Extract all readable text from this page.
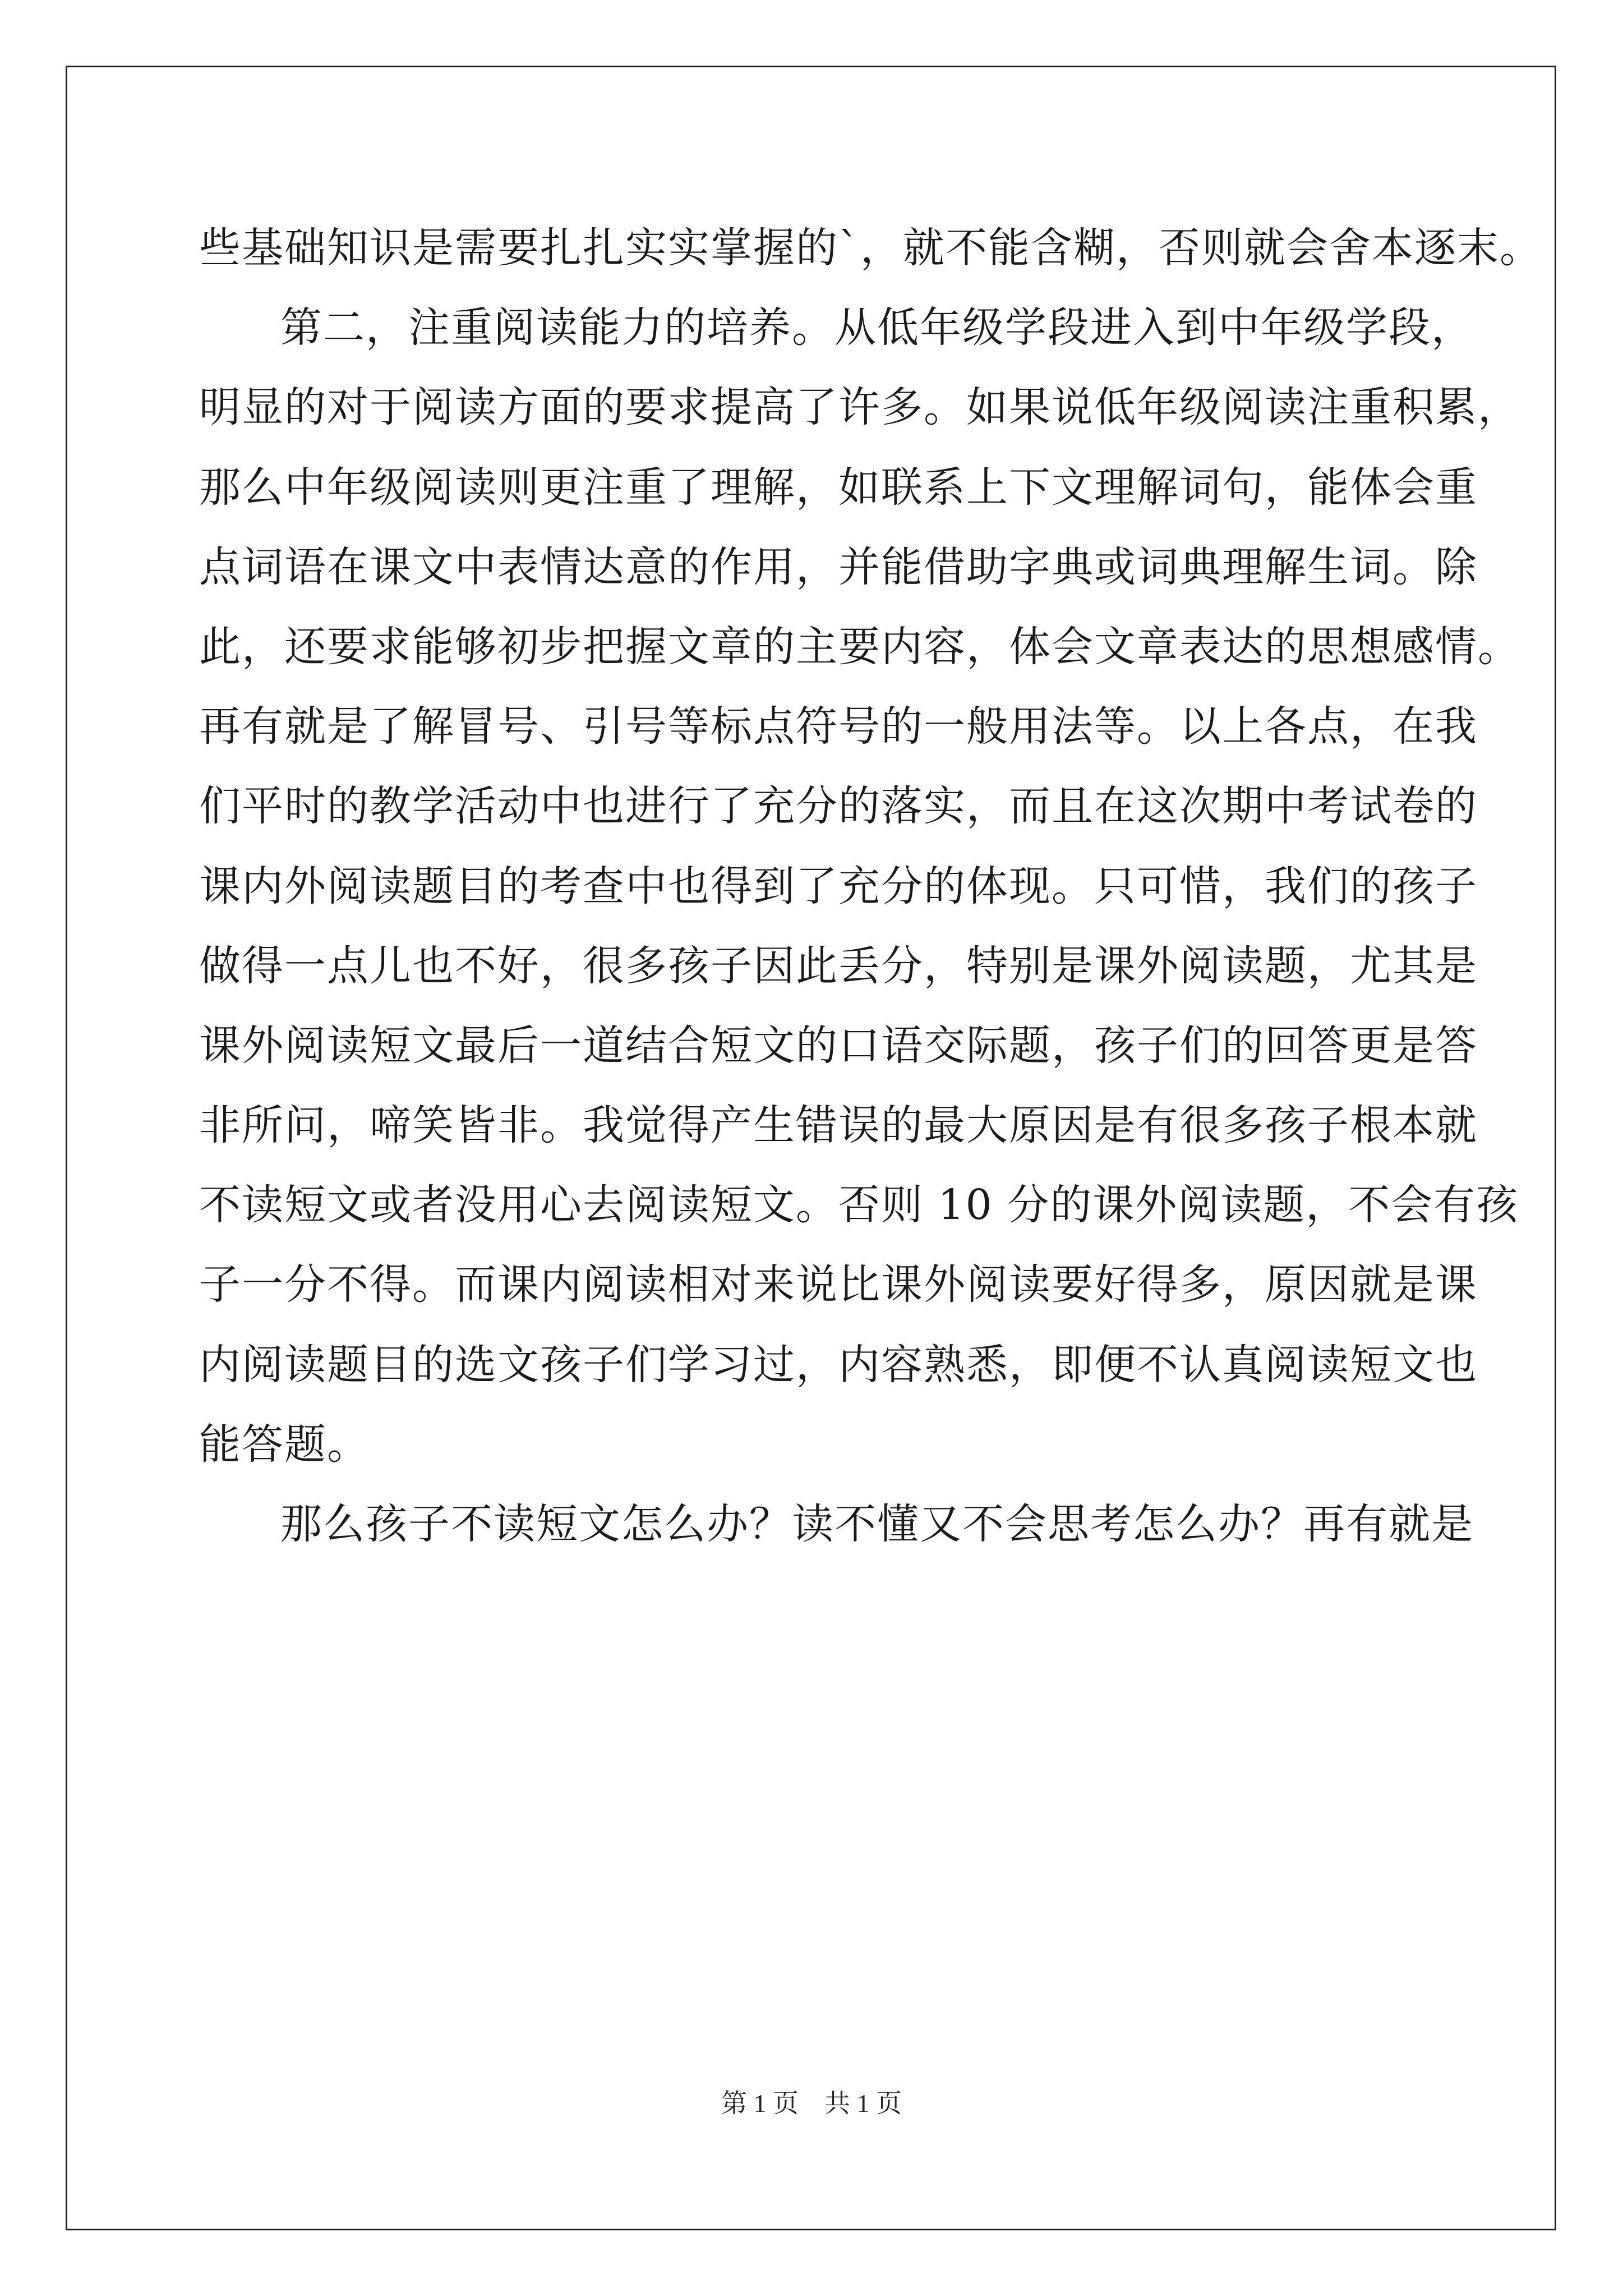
些基础知识是需要扎扎实实掌握的`，就不能含糊，否则就会舍本逐末。
第二，注重阅读能力的培养。从低年级学段进入到中年级学段，
明显的对于阅读方面的要求提高了许多。如果说低年级阅读注重积累，
那么中年级阅读则更注重了理解，如联系上下文理解词句，能体会重
点词语在课文中表情达意的作用，并能借助字典或词典理解生词。除
此，还要求能够初步把握文章的主要内容，体会文章表达的思想感情。
再有就是了解冒号、引号等标点符号的一般用法等。以上各点，在我
们平时的教学活动中也进行了充分的落实，而且在这次期中考试卷的
课内外阅读题目的考查中也得到了充分的体现。只可惜，我们的孩子
做得一点儿也不好，很多孩子因此丢分，特别是课外阅读题，尤其是
课外阅读短文最后一道结合短文的口语交际题，孩子们的回答更是答
非所问，啼笑皆非。我觉得产生错误的最大原因是有很多孩子根本就
不读短文或者没用心去阅读短文。否则 10 分的课外阅读题，不会有孩
子一分不得。而课内阅读相对来说比课外阅读要好得多，原因就是课
内阅读题目的选文孩子们学习过，内容熟悉，即便不认真阅读短文也
能答题。
那么孩子不读短文怎么办？读不懂又不会思考怎么办？再有就是
第 1 页　共 1 页
